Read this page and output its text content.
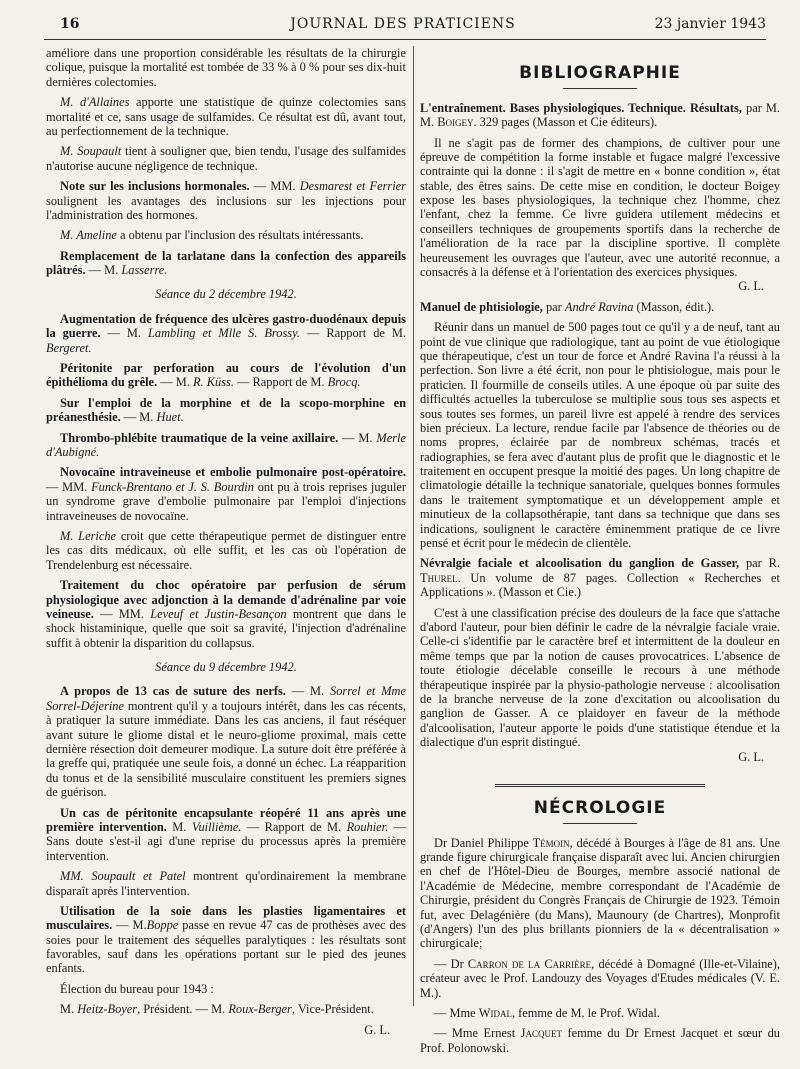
16	JOURNAL DES PRATICIENS	23 janvier 1943

améliore dans une proportion considérable les résultats de la chirurgie colique, puisque la mortalité est tombée de 33 % à 0 % pour ses dix-huit dernières colectomies.

M. d'Allaines apporte une statistique de quinze colectomies sans mortalité et ce, sans usage de sulfamides. Ce résultat est dû, avant tout, au perfectionnement de la technique.

M. Soupault tient à souligner que, bien tendu, l'usage des sulfamides n'autorise aucune négligence de technique.

Note sur les inclusions hormonales. — MM. Desmarest et Ferrier soulignent les avantages des inclusions sur les injections pour l'administration des hormones.

M. Ameline a obtenu par l'inclusion des résultats intéressants.

Remplacement de la tarlatane dans la confection des appareils plâtrés. — M. Lasserre.

Séance du 2 décembre 1942.

Augmentation de fréquence des ulcères gastro-duodénaux depuis la guerre. — M. Lambling et Mlle S. Brossy. — Rapport de M. Bergeret.

Péritonite par perforation au cours de l'évolution d'un épithélioma du grêle. — M. R. Küss. — Rapport de M. Brocq.

Sur l'emploi de la morphine et de la scopo-morphine en préanesthésie. — M. Huet.

Thrombo-phlébite traumatique de la veine axillaire. — M. Merle d'Aubigné.

Novocaïne intraveineuse et embolie pulmonaire post-opératoire. — MM. Funck-Brentano et J. S. Bourdin ont pu à trois reprises juguler un syndrome grave d'embolie pulmonaire par l'emploi d'injections intraveineuses de novocaïne.

M. Leriche croit que cette thérapeutique permet de distinguer entre les cas dits médicaux, où elle suffit, et les cas où l'opération de Trendelenburg est nécessaire.

Traitement du choc opératoire par perfusion de sérum physiologique avec adjonction à la demande d'adrénaline par voie veineuse. — MM. Leveuf et Justin-Besançon montrent que dans le shock histaminique, quelle que soit sa gravité, l'injection d'adrénaline suffit à obtenir la disparition du collapsus.

Séance du 9 décembre 1942.

A propos de 13 cas de suture des nerfs. — M. Sorrel et Mme Sorrel-Déjerine montrent qu'il y a toujours intérêt, dans les cas récents, à pratiquer la suture immédiate. Dans les cas anciens, il faut réséquer avant suture le gliome distal et le neuro-gliome proximal, mais cette dernière résection doit demeurer modique. La suture doit être préférée à la greffe qui, pratiquée une seule fois, a donné un échec. La réapparition du tonus et de la sensibilité musculaire constituent les premiers signes de guérison.

Un cas de péritonite encapsulante réopéré 11 ans après une première intervention. M. Vuillième. — Rapport de M. Rouhier. — Sans doute s'est-il agi d'une reprise du processus après la première intervention.

MM. Soupault et Patel montrent qu'ordinairement la membrane disparaît après l'intervention.

Utilisation de la soie dans les plasties ligamentaires et musculaires. — M.Boppe passe en revue 47 cas de prothèses avec des soies pour le traitement des séquelles paralytiques : les résultats sont favorables, sauf dans les opérations portant sur le pied des jeunes enfants.

Élection du bureau pour 1943 :

M. Heitz-Boyer, Président. — M. Roux-Berger, Vice-Président.

G. L.

BIBLIOGRAPHIE

L'entraînement. Bases physiologiques. Technique. Résultats, par M. M. Boigey. 329 pages (Masson et Cie éditeurs).

Il ne s'agit pas de former des champions, de cultiver pour une épreuve de compétition la forme instable et fugace malgré l'excessive contrainte qui la donne : il s'agit de mettre en « bonne condition », état stable, des êtres sains. De cette mise en condition, le docteur Boigey expose les bases physiologiques, la technique chez l'homme, chez l'enfant, chez la femme. Ce livre guidera utilement médecins et conseillers techniques de groupements sportifs dans la recherche de l'amélioration de la race par la discipline sportive. Il complète heureusement les ouvrages que l'auteur, avec une autorité reconnue, a consacrés à la défense et à l'orientation des exercices physiques.

G. L.

Manuel de phtisiologie, par André Ravina (Masson, édit.).

Réunir dans un manuel de 500 pages tout ce qu'il y a de neuf, tant au point de vue clinique que radiologique, tant au point de vue étiologique que thérapeutique, c'est un tour de force et André Ravina l'a réussi à la perfection. Son livre a été écrit, non pour le phtisiologue, mais pour le praticien. Il fourmille de conseils utiles. A une époque où par suite des difficultés actuelles la tuberculose se multiplie sous tous ses aspects et sous toutes ses formes, un pareil livre est appelé à rendre des services bien précieux. La lecture, rendue facile par l'absence de théories ou de noms propres, éclairée par de nombreux schémas, tracés et radiographies, se fera avec d'autant plus de profit que le diagnostic et le traitement en occupent presque la moitié des pages. Un long chapitre de climatologie détaille la technique sanatoriale, quelques bonnes formules dans le traitement symptomatique et un développement ample et minutieux de la collapsothérapie, tant dans sa technique que dans ses indications, soulignent le caractère éminemment pratique de ce livre pensé et écrit pour le médecin de clientèle.

Névralgie faciale et alcoolisation du ganglion de Gasser, par R. Thurel. Un volume de 87 pages. Collection « Recherches et Applications ». (Masson et Cie.)

C'est à une classification précise des douleurs de la face que s'attache d'abord l'auteur, pour bien définir le cadre de la névralgie faciale vraie. Celle-ci s'identifie par le caractère bref et intermittent de la douleur en même temps que par la notion de causes provocatrices. L'absence de toute étiologie décelable conseille le recours à une méthode thérapeutique inspirée par la physio-pathologie nerveuse : alcoolisation de la branche nerveuse de la zone d'excitation ou alcoolisation du ganglion de Gasser. A ce plaidoyer en faveur de la méthode d'alcoolisation, l'auteur apporte le poids d'une statistique étendue et la dialectique d'un esprit distingué.

G. L.

NÉCROLOGIE

Dr Daniel Philippe Témoin, décédé à Bourges à l'âge de 81 ans. Une grande figure chirurgicale française disparaît avec lui. Ancien chirurgien en chef de l'Hôtel-Dieu de Bourges, membre associé national de l'Académie de Médecine, membre correspondant de l'Académie de Chirurgie, président du Congrès Français de Chirurgie de 1923. Témoin fut, avec Delagénière (du Mans), Maunoury (de Chartres), Monprofit (d'Angers) l'un des plus brillants pionniers de la « décentralisation » chirurgicale;

— Dr Carron de la Carrière, décédé à Domagné (Ille-et-Vilaine), créateur avec le Prof. Landouzy des Voyages d'Etudes médicales (V. E. M.).

— Mme Widal, femme de M. le Prof. Widal.

— Mme Ernest Jacquet femme du Dr Ernest Jacquet et sœur du Prof. Polonowski.
